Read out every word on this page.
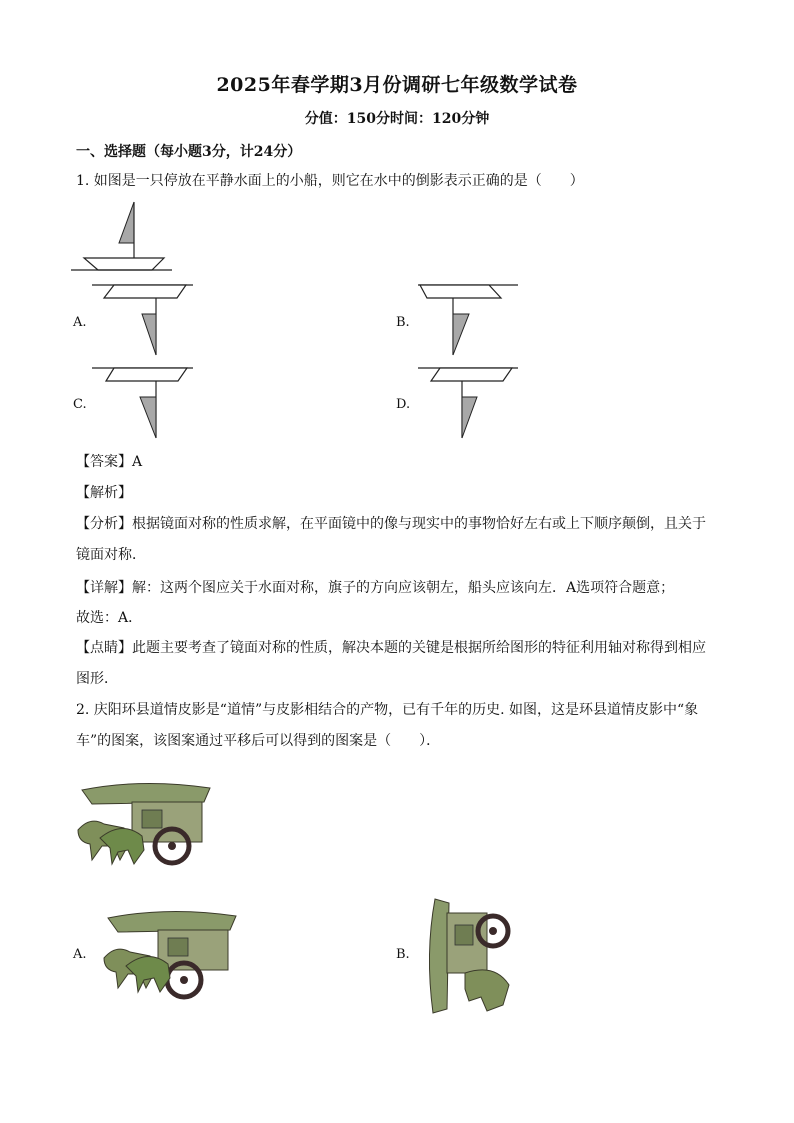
2025年春学期3月份调研七年级数学试卷
分值：150分时间：120分钟
一、选择题（每小题3分，计24分）
1. 如图是一只停放在平静水面上的小船，则它在水中的倒影表示正确的是（　　）
A.	B.
C.	D.
【答案】A
【解析】
【分析】根据镜面对称的性质求解，在平面镜中的像与现实中的事物恰好左右或上下顺序颠倒，且关于镜面对称．
【详解】解：这两个图应关于水面对称，旗子的方向应该朝左，船头应该向左．A选项符合题意；
故选：A．
【点睛】此题主要考查了镜面对称的性质，解决本题的关键是根据所给图形的特征利用轴对称得到相应图形．
2. 庆阳环县道情皮影是“道情”与皮影相结合的产物，已有千年的历史. 如图，这是环县道情皮影中“象车”的图案，该图案通过平移后可以得到的图案是（　　）．
A.	B.
